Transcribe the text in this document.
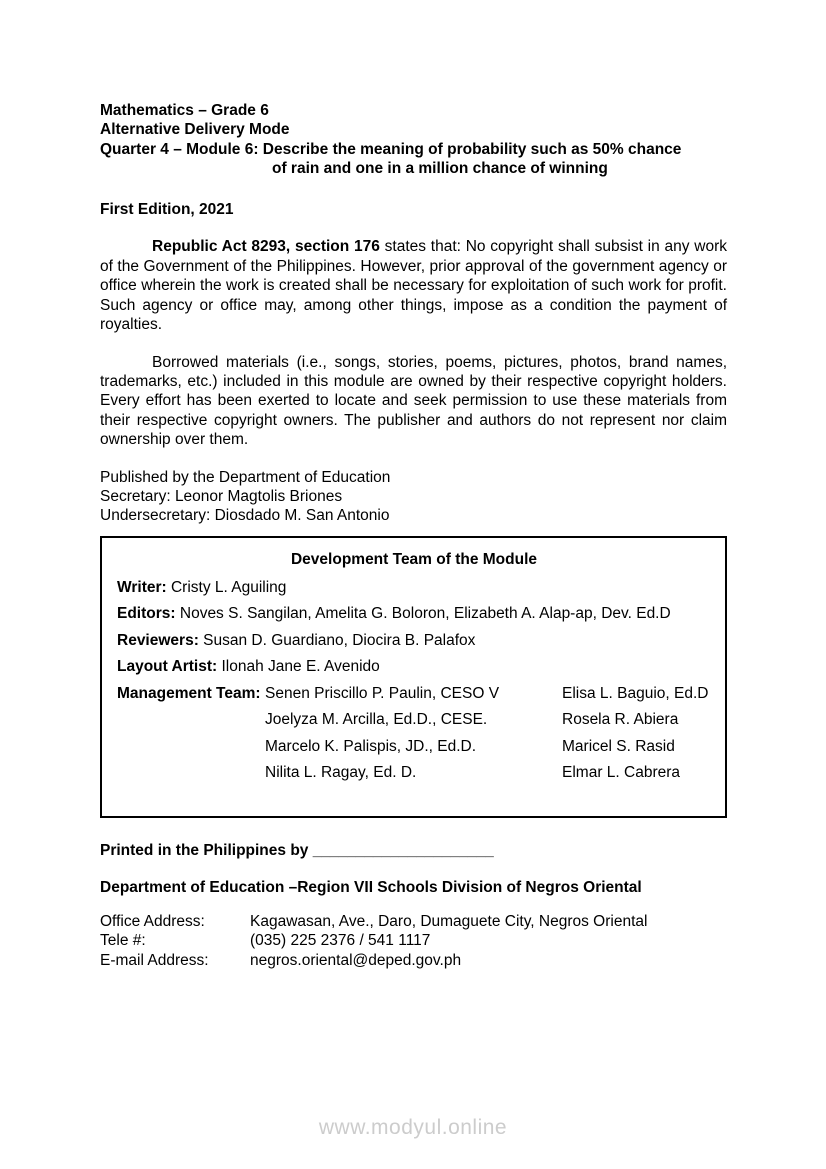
Mathematics – Grade 6
Alternative Delivery Mode
Quarter 4 – Module 6: Describe the meaning of probability such as 50% chance
of rain and one in a million chance of winning
First Edition, 2021

Republic Act 8293, section 176 states that: No copyright shall subsist in any work of the Government of the Philippines. However, prior approval of the government agency or office wherein the work is created shall be necessary for exploitation of such work for profit. Such agency or office may, among other things, impose as a condition the payment of royalties.

Borrowed materials (i.e., songs, stories, poems, pictures, photos, brand names, trademarks, etc.) included in this module are owned by their respective copyright holders. Every effort has been exerted to locate and seek permission to use these materials from their respective copyright owners. The publisher and authors do not represent nor claim ownership over them.

Published by the Department of Education
Secretary: Leonor Magtolis Briones
Undersecretary: Diosdado M. San Antonio
Development Team of the Module
Writer: Cristy L. Aguiling
Editors: Noves S. Sangilan, Amelita G. Boloron, Elizabeth A. Alap-ap, Dev. Ed.D
Reviewers: Susan D. Guardiano, Diocira B. Palafox
Layout Artist: Ilonah Jane E. Avenido
Management Team: Senen Priscillo P. Paulin, CESO V	Elisa L. Baguio, Ed.D
Joelyza M. Arcilla, Ed.D., CESE.	Rosela R. Abiera
Marcelo K. Palispis, JD., Ed.D.	Maricel S. Rasid
Nilita L. Ragay, Ed. D.	Elmar L. Cabrera
Printed in the Philippines by _____________________
Department of Education –Region VII Schools Division of Negros Oriental
Office Address:	Kagawasan, Ave., Daro, Dumaguete City, Negros Oriental
Tele #:	(035) 225 2376 / 541 1117
E-mail Address:	negros.oriental@deped.gov.ph
www.modyul.online
